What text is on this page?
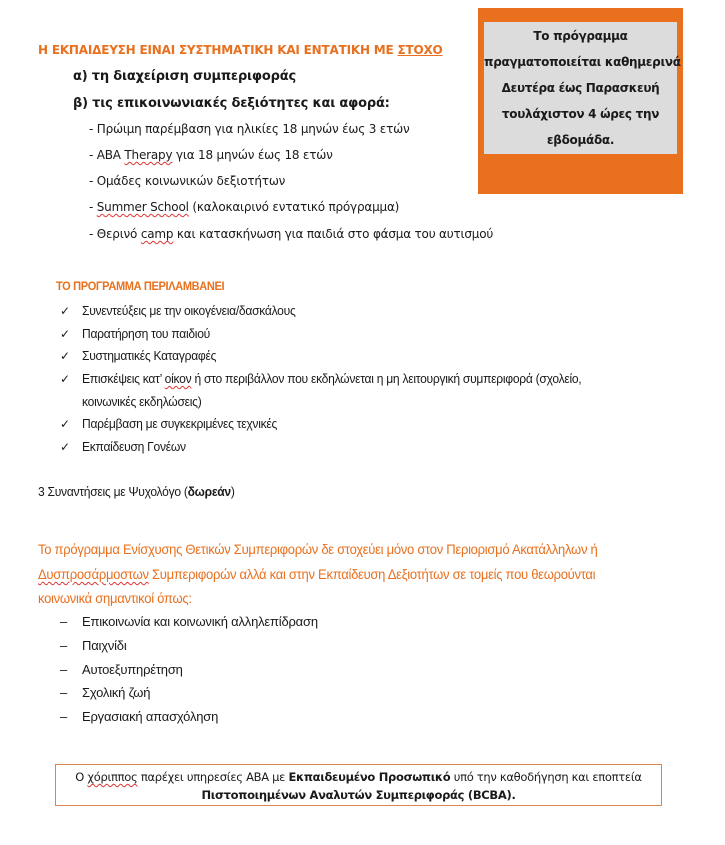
Η ΕΚΠΑΙΔΕΥΣΗ ΕΙΝΑΙ ΣΥΣΤΗΜΑΤΙΚΗ ΚΑΙ ΕΝΤΑΤΙΚΗ ΜΕ ΣΤΟΧΟ
α) τη διαχείριση συμπεριφοράς
β) τις επικοινωνιακές δεξιότητες και αφορά:
- Πρώιμη παρέμβαση για ηλικίες 18 μηνών έως 3 ετών
- ABA Therapy για 18 μηνών έως 18 ετών
- Ομάδες κοινωνικών δεξιοτήτων
- Summer School (καλοκαιρινό εντατικό πρόγραμμα)
- Θερινό camp και κατασκήνωση για παιδιά στο φάσμα του αυτισμού
Το πρόγραμμα
πραγματοποιείται καθημερινά
Δευτέρα έως Παρασκευή
τουλάχιστον 4 ώρες την
εβδομάδα.
ΤΟ ΠΡΟΓΡΑΜΜΑ ΠΕΡΙΛΑΜΒΑΝΕΙ
✓ Συνεντεύξεις με την οικογένεια/δασκάλους
✓ Παρατήρηση του παιδιού
✓ Συστηματικές Καταγραφές
✓ Επισκέψεις κατ’ οίκον ή στο περιβάλλον που εκδηλώνεται η μη λειτουργική συμπεριφορά (σχολείο,
κοινωνικές εκδηλώσεις)
✓ Παρέμβαση με συγκεκριμένες τεχνικές
✓ Εκπαίδευση Γονέων
3 Συναντήσεις με Ψυχολόγο (δωρεάν)
Το πρόγραμμα Ενίσχυσης Θετικών Συμπεριφορών δε στοχεύει μόνο στον Περιορισμό Ακατάλληλων ή
Δυσπροσάρμοστων Συμπεριφορών αλλά και στην Εκπαίδευση Δεξιοτήτων σε τομείς που θεωρούνται
κοινωνικά σημαντικοί όπως:
– Επικοινωνία και κοινωνική αλληλεπίδραση
– Παιχνίδι
– Αυτοεξυπηρέτηση
– Σχολική ζωή
– Εργασιακή απασχόληση
Ο χόριππος παρέχει υπηρεσίες ABA με Εκπαιδευμένο Προσωπικό υπό την καθοδήγηση και εποπτεία
Πιστοποιημένων Αναλυτών Συμπεριφοράς (BCBA).
